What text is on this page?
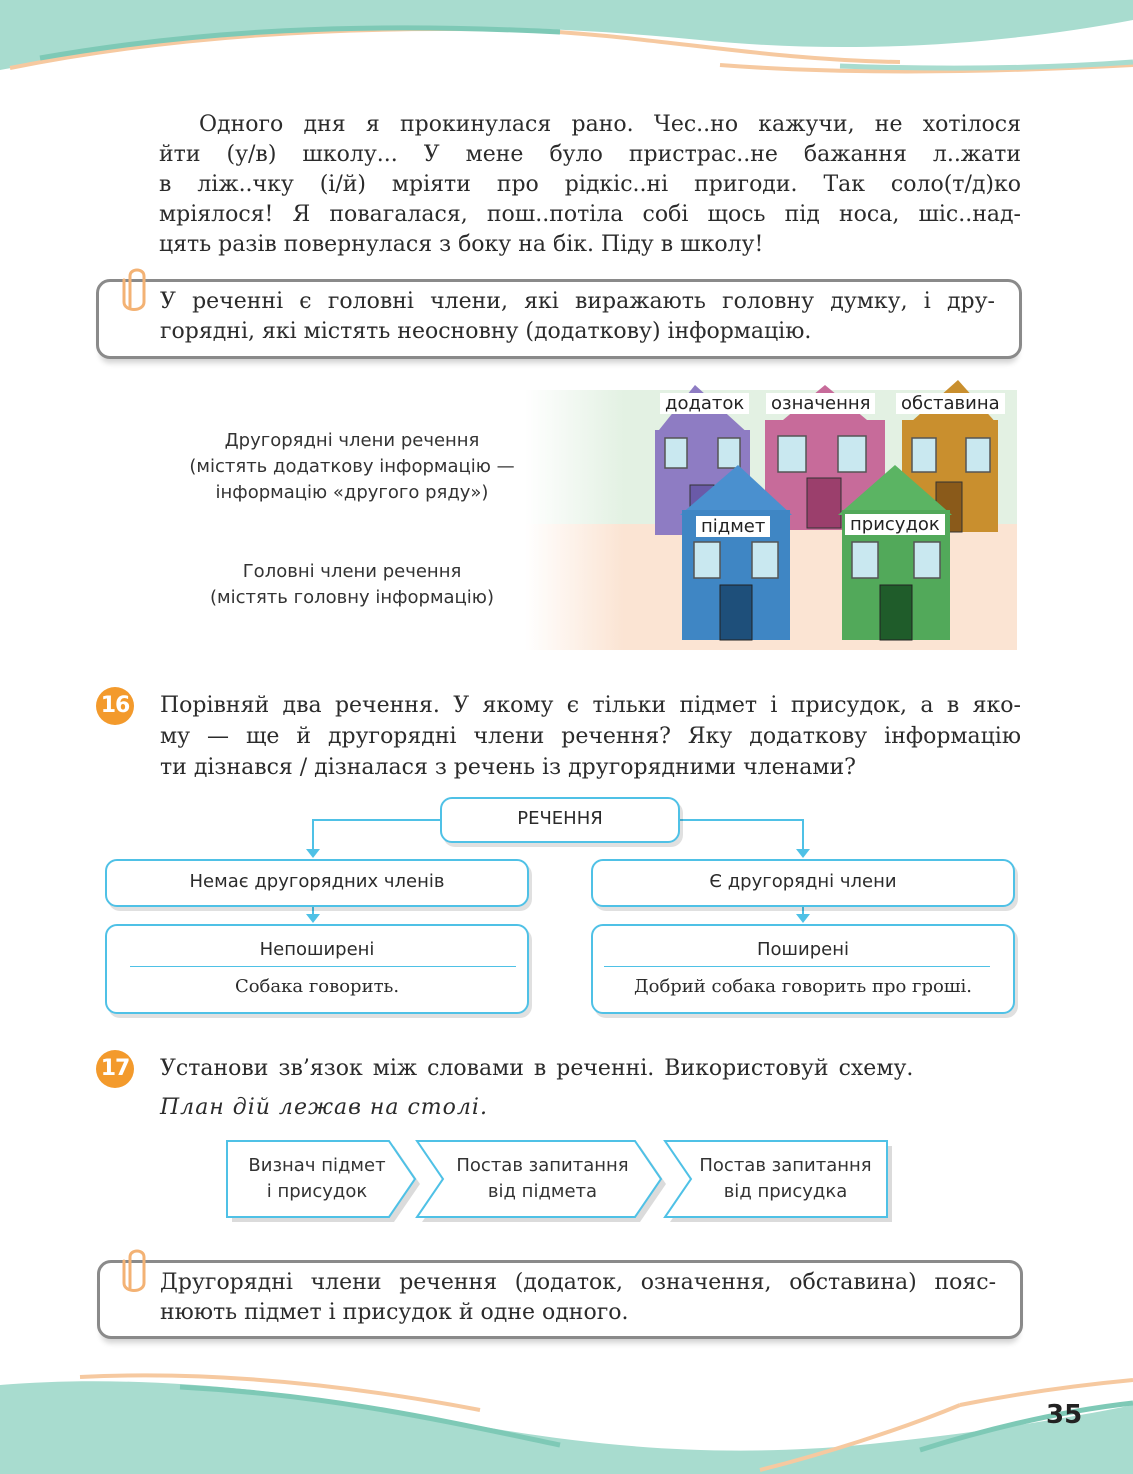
Одного дня я прокинулася рано. Чес..но кажучи, не хотілося
йти (у/в) школу... У мене було пристрас..не бажання л..жати
в ліж..чку (і/й) мріяти про рідкіс..ні пригоди. Так соло(т/д)ко
мріялося! Я повагалася, пош..потіла собі щось під носа, шіс..над-
цять разів повернулася з боку на бік. Піду в школу!
У реченні є головні члени, які виражають головну думку, і дру-
горядні, які містять неосновну (додаткову) інформацію.
додаток означення обставина
підмет	присудок
Другорядні члени речення
(містять додаткову інформацію —
інформацію «другого ряду»)
Головні члени речення
(містять головну інформацію)
16 Порівняй два речення. У якому є тільки підмет і присудок, а в яко-
му — ще й другорядні члени речення? Яку додаткову інформацію
ти дізнався / дізналася з речень із другорядними членами?
РЕЧЕННЯ
Немає другорядних членів	Є другорядні члени
Непоширені
Собака говорить.
Поширені
Добрий собака говорить про гроші.
17 Установи зв’язок між словами в реченні. Використовуй схему.
План дій лежав на столі.
Визнач підмет
і присудок
Постав запитання
від підмета
Постав запитання
від присудка
Другорядні члени речення (додаток, означення, обставина) пояс-
нюють підмет і присудок й одне одного.
35
